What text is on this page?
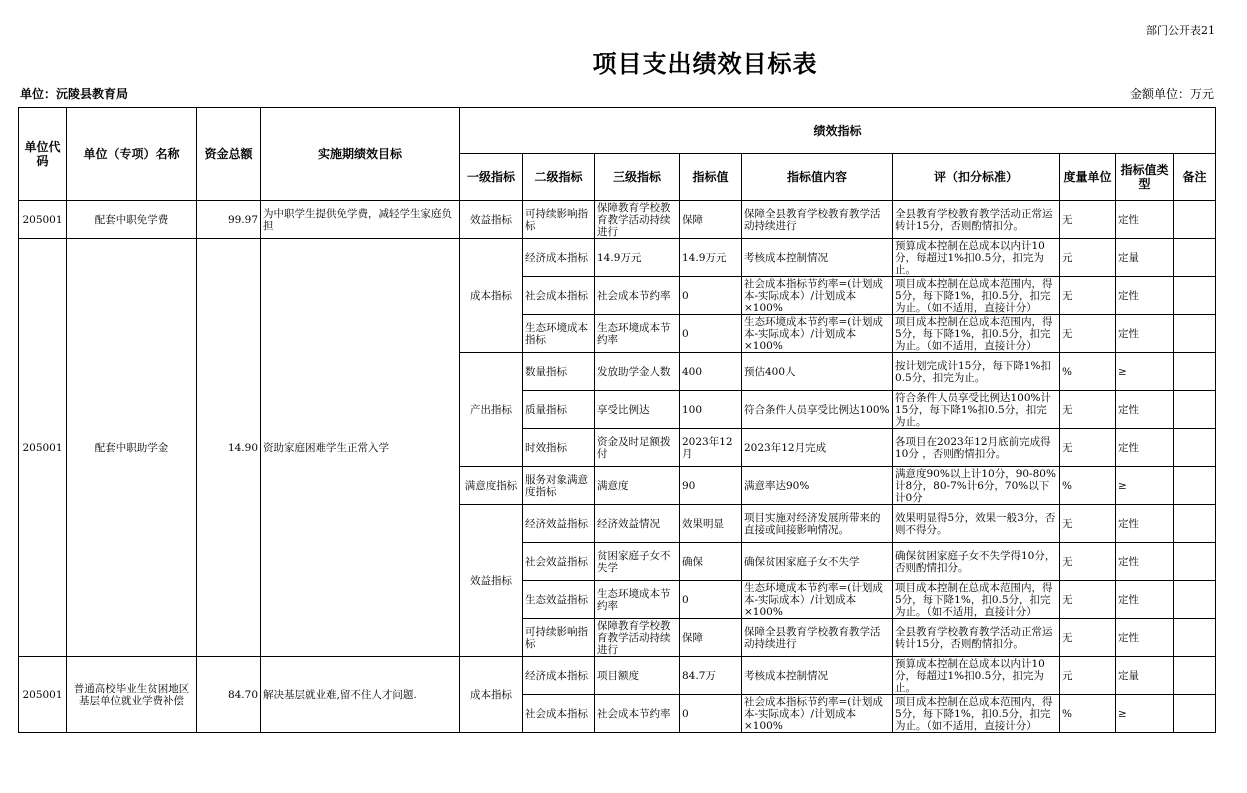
部门公开表21
项目支出绩效目标表
单位：沅陵县教育局	金额单位：万元
单位代码	单位（专项）名称	资金总额	实施期绩效目标	绩效指标								
				一级指标	二级指标	三级指标	指标值	指标值内容	评（扣分标准）	度量单位	指标值类型	备注

205001	配套中职免学费	99.97	为中职学生提供免学费，减轻学生家庭负担	效益指标	可持续影响指标	保障教育学校教育教学活动持续进行	保障	保障全县教育学校教育教学活动持续进行	全县教育学校教育教学活动正常运转计15分，否则酌情扣分。	无	定性	

205001	配套中职助学金	14.90	资助家庭困难学生正常入学	成本指标	经济成本指标	14.9万元	14.9万元	考核成本控制情况	预算成本控制在总成本以内计10分，每超过1%扣0.5分，扣完为止。	元	定量	

					社会成本指标	社会成本节约率	0	社会成本指标节约率=(计划成本-实际成本）/计划成本×100%	项目成本控制在总成本范围内，得5分，每下降1%，扣0.5分，扣完为止。（如不适用，直接计分）	无	定性	

					生态环境成本指标	生态环境成本节约率	0	生态环境成本节约率=(计划成本-实际成本）/计划成本×100%	项目成本控制在总成本范围内，得5分，每下降1%，扣0.5分，扣完为止。（如不适用，直接计分）	无	定性	

				产出指标	数量指标	发放助学金人数	400	预估400人	按计划完成计15分，每下降1%扣0.5分，扣完为止。	%	≥	

					质量指标	享受比例达	100	符合条件人员享受比例达100%	符合条件人员享受比例达100%计15分，每下降1%扣0.5分，扣完为止。	无	定性	

					时效指标	资金及时足额拨付	2023年12月	2023年12月完成	各项目在2023年12月底前完成得10分 ，否则酌情扣分。	无	定性	

				满意度指标	服务对象满意度指标	满意度	90	满意率达90%	满意度90%以上计10分，90-80%计8分，80-7%计6分，70%以下计0分	%	≥	

				效益指标	经济效益指标	经济效益情况	效果明显	项目实施对经济发展所带来的直接或间接影响情况。	效果明显得5分，效果一般3分，否则不得分。	无	定性	

					社会效益指标	贫困家庭子女不失学	确保	确保贫困家庭子女不失学	确保贫困家庭子女不失学得10分，否则酌情扣分。	无	定性	

					生态效益指标	生态环境成本节约率	0	生态环境成本节约率=(计划成本-实际成本）/计划成本×100%	项目成本控制在总成本范围内，得5分，每下降1%，扣0.5分，扣完为止。（如不适用，直接计分）	无	定性	

					可持续影响指标	保障教育学校教育教学活动持续进行	保障	保障全县教育学校教育教学活动持续进行	全县教育学校教育教学活动正常运转计15分，否则酌情扣分。	无	定性	

205001	普通高校毕业生贫困地区基层单位就业学费补偿	84.70	解决基层就业难,留不住人才问题.	成本指标	经济成本指标	项目额度	84.7万	考核成本控制情况	预算成本控制在总成本以内计10分，每超过1%扣0.5分，扣完为止。	元	定量	

					社会成本指标	社会成本节约率	0	社会成本指标节约率=(计划成本-实际成本）/计划成本×100%	项目成本控制在总成本范围内，得5分，每下降1%，扣0.5分，扣完为止。（如不适用，直接计分）	%	≥	
